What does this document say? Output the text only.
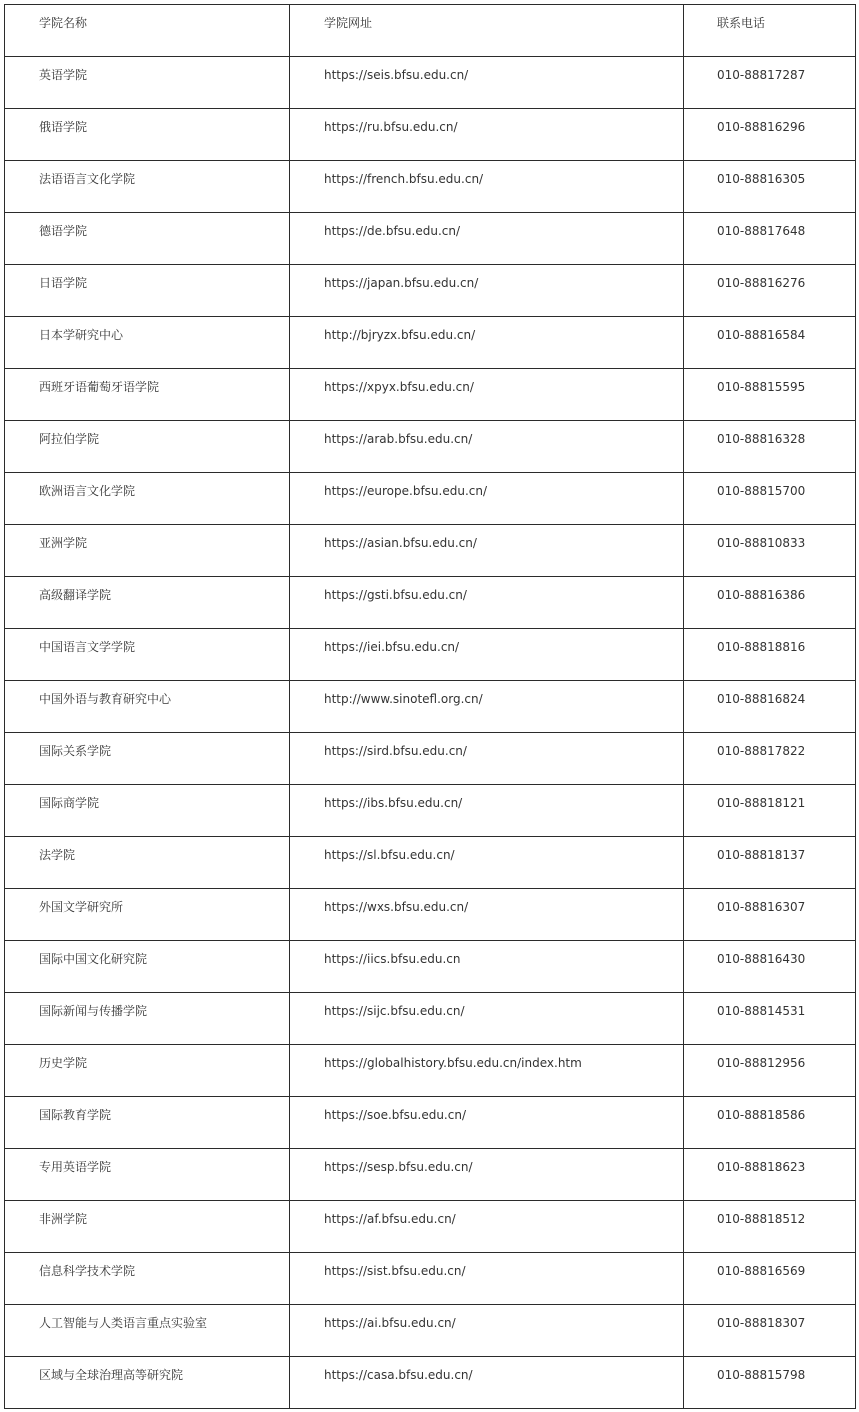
学院名称	学院网址	联系电话

英语学院	https://seis.bfsu.edu.cn/	010-88817287

俄语学院	https://ru.bfsu.edu.cn/	010-88816296

法语语言文化学院	https://french.bfsu.edu.cn/	010-88816305

德语学院	https://de.bfsu.edu.cn/	010-88817648

日语学院	https://japan.bfsu.edu.cn/	010-88816276

日本学研究中心	http://bjryzx.bfsu.edu.cn/	010-88816584

西班牙语葡萄牙语学院	https://xpyx.bfsu.edu.cn/	010-88815595

阿拉伯学院	https://arab.bfsu.edu.cn/	010-88816328

欧洲语言文化学院	https://europe.bfsu.edu.cn/	010-88815700

亚洲学院	https://asian.bfsu.edu.cn/	010-88810833

高级翻译学院	https://gsti.bfsu.edu.cn/	010-88816386

中国语言文学学院	https://iei.bfsu.edu.cn/	010-88818816

中国外语与教育研究中心	http://www.sinotefl.org.cn/	010-88816824

国际关系学院	https://sird.bfsu.edu.cn/	010-88817822

国际商学院	https://ibs.bfsu.edu.cn/	010-88818121

法学院	https://sl.bfsu.edu.cn/	010-88818137

外国文学研究所	https://wxs.bfsu.edu.cn/	010-88816307

国际中国文化研究院	https://iics.bfsu.edu.cn	010-88816430

国际新闻与传播学院	https://sijc.bfsu.edu.cn/	010-88814531

历史学院	https://globalhistory.bfsu.edu.cn/index.htm	010-88812956

国际教育学院	https://soe.bfsu.edu.cn/	010-88818586

专用英语学院	https://sesp.bfsu.edu.cn/	010-88818623

非洲学院	https://af.bfsu.edu.cn/	010-88818512

信息科学技术学院	https://sist.bfsu.edu.cn/	010-88816569

人工智能与人类语言重点实验室	https://ai.bfsu.edu.cn/	010-88818307

区域与全球治理高等研究院	https://casa.bfsu.edu.cn/	010-88815798
